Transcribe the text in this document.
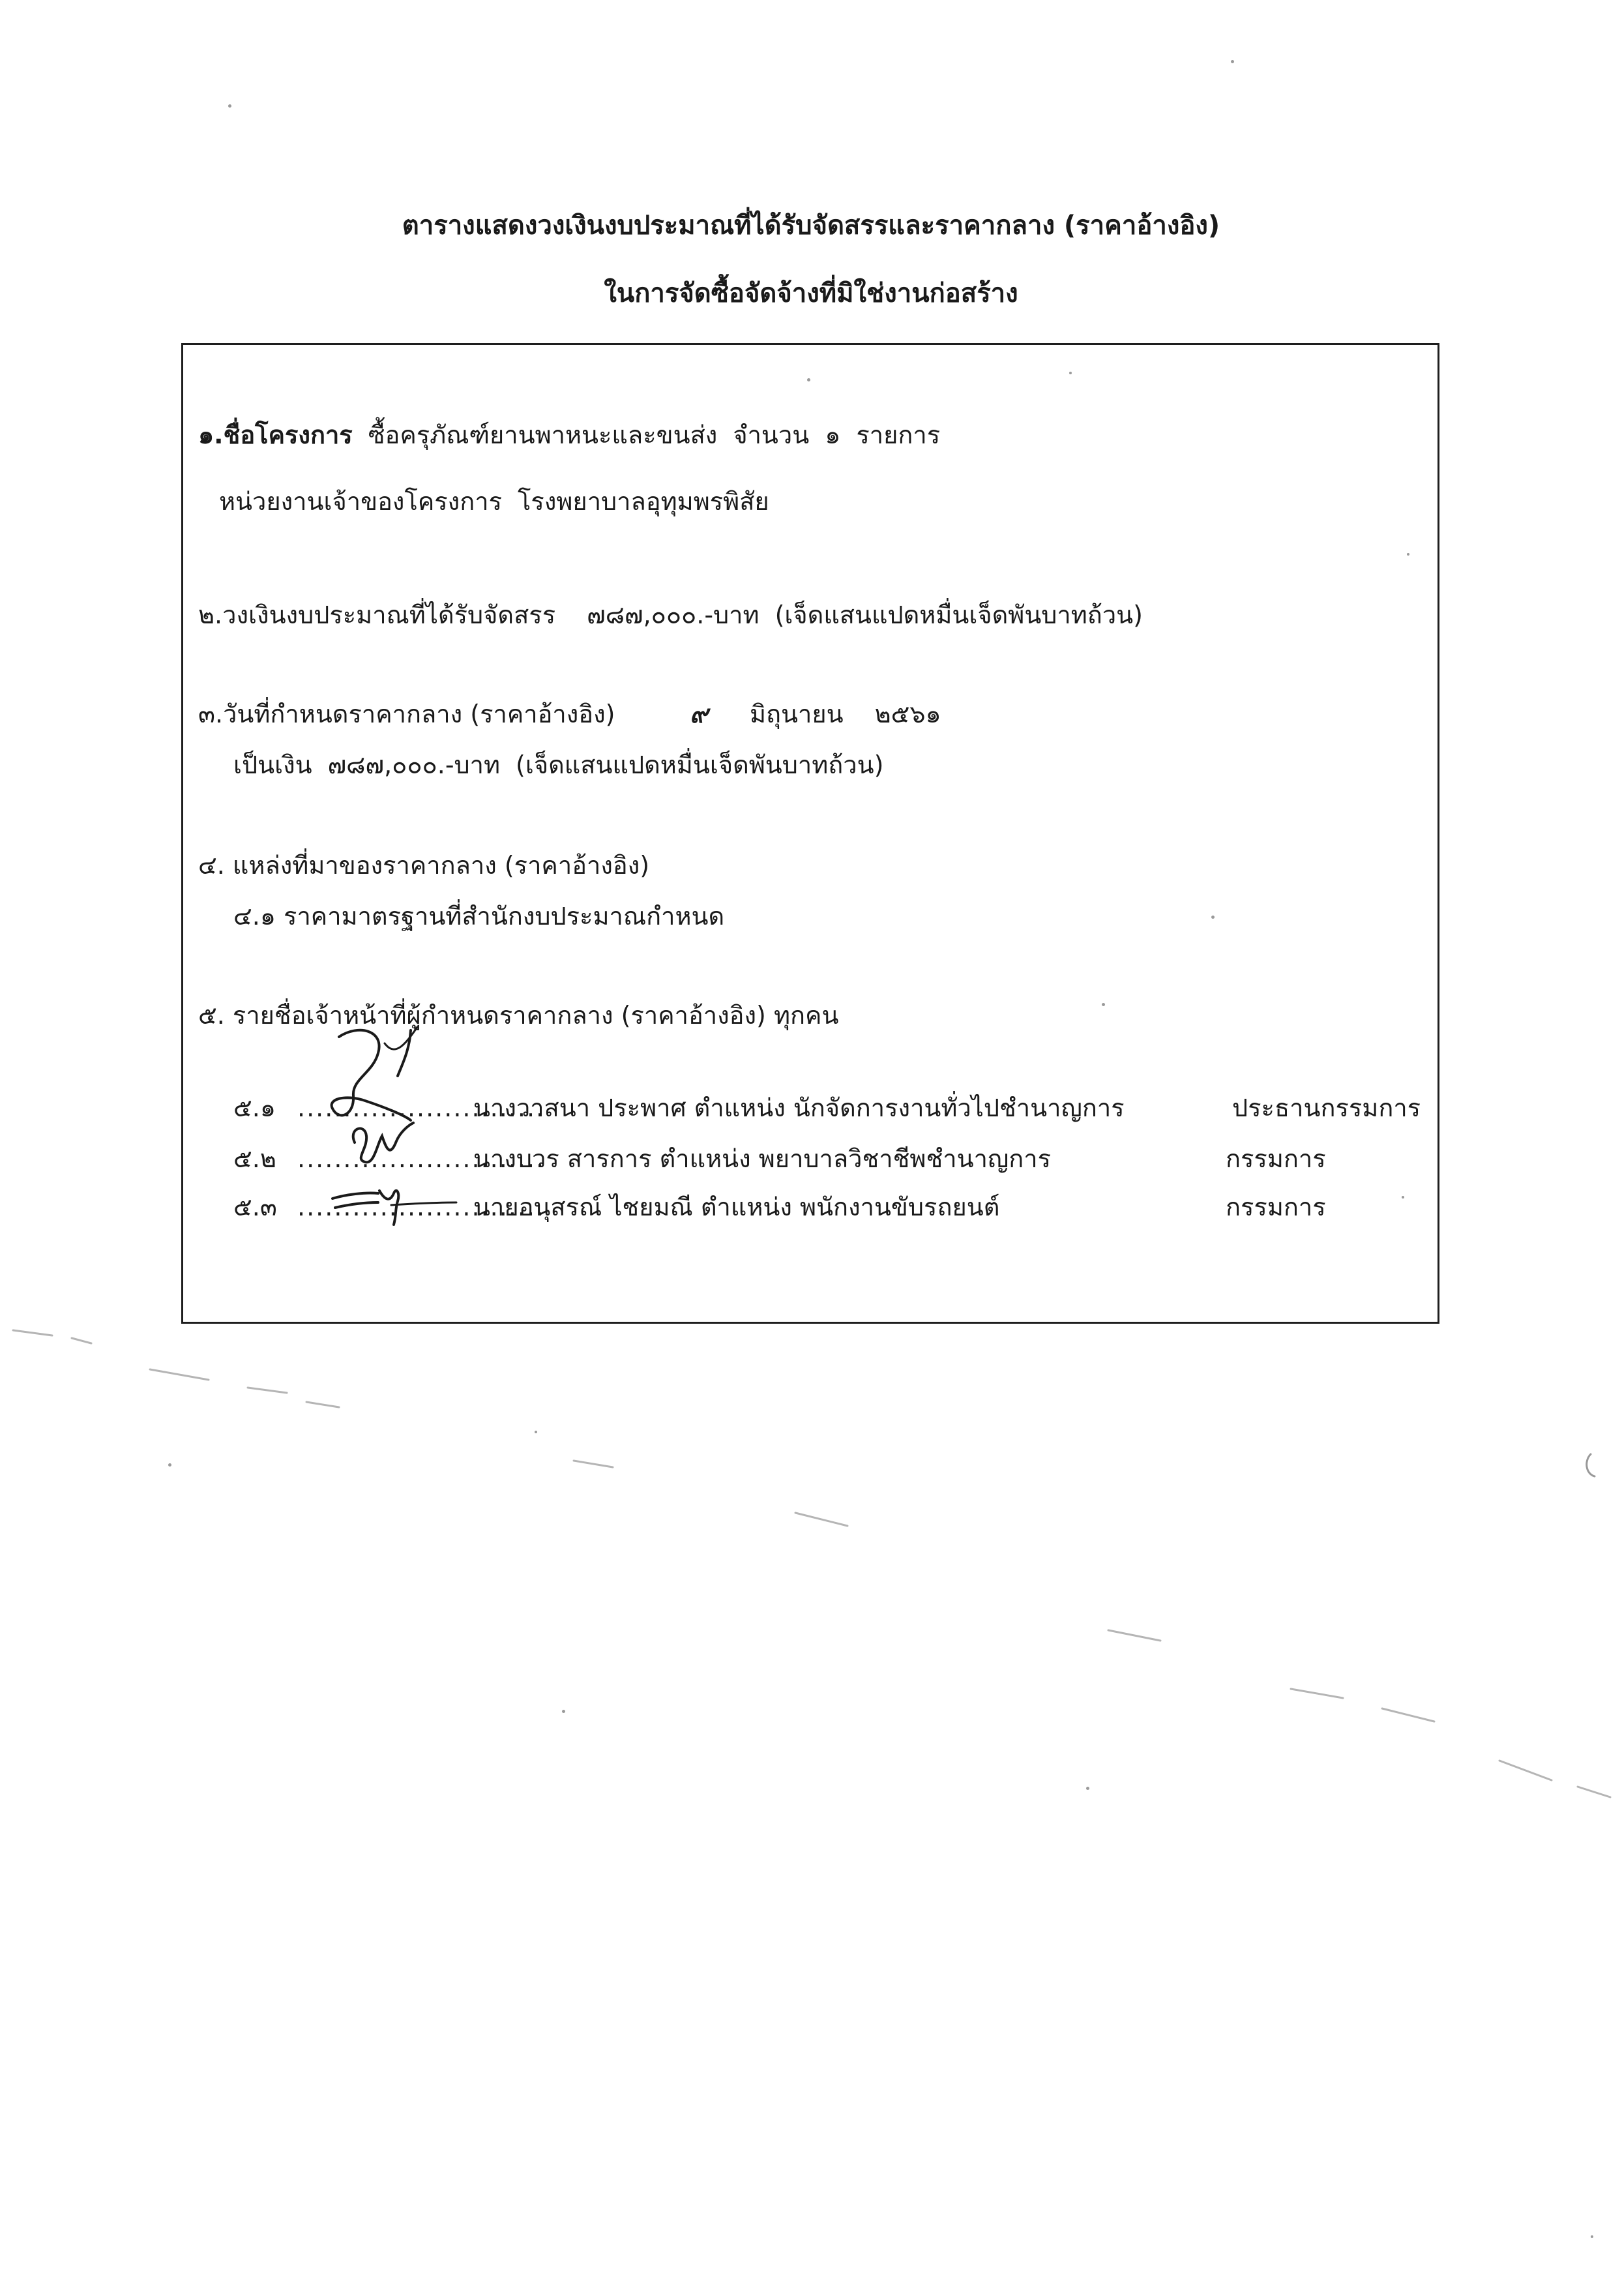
ตารางแสดงวงเงินงบประมาณที่ได้รับจัดสรรและราคากลาง (ราคาอ้างอิง)
ในการจัดซื้อจัดจ้างที่มิใช่งานก่อสร้าง
๑.ชื่อโครงการ ซื้อครุภัณฑ์ยานพาหนะและขนส่ง จำนวน ๑ รายการ
หน่วยงานเจ้าของโครงการ โรงพยาบาลอุทุมพรพิสัย
๒.วงเงินงบประมาณที่ได้รับจัดสรร ๗๘๗,๐๐๐.-บาท (เจ็ดแสนแปดหมื่นเจ็ดพันบาทถ้วน)
๓.วันที่กำหนดราคากลาง (ราคาอ้างอิง)	๙ มิถุนายน ๒๕๖๑
เป็นเงิน ๗๘๗,๐๐๐.-บาท (เจ็ดแสนแปดหมื่นเจ็ดพันบาทถ้วน)
๔. แหล่งที่มาของราคากลาง (ราคาอ้างอิง)
๔.๑ ราคามาตรฐานที่สำนักงบประมาณกำหนด
๕. รายชื่อเจ้าหน้าที่ผู้กำหนดราคากลาง (ราคาอ้างอิง) ทุกคน
๕.๑ ...........................
นางวาสนา ประพาศ ตำแหน่ง นักจัดการงานทั่วไปชำนาญการ	ประธานกรรมการ
๕.๒ ...........................
นางบวร สารการ ตำแหน่ง พยาบาลวิชาชีพชำนาญการ	กรรมการ
๕.๓ ...........................
นายอนุสรณ์ ไชยมณี ตำแหน่ง พนักงานขับรถยนต์	กรรมการ
